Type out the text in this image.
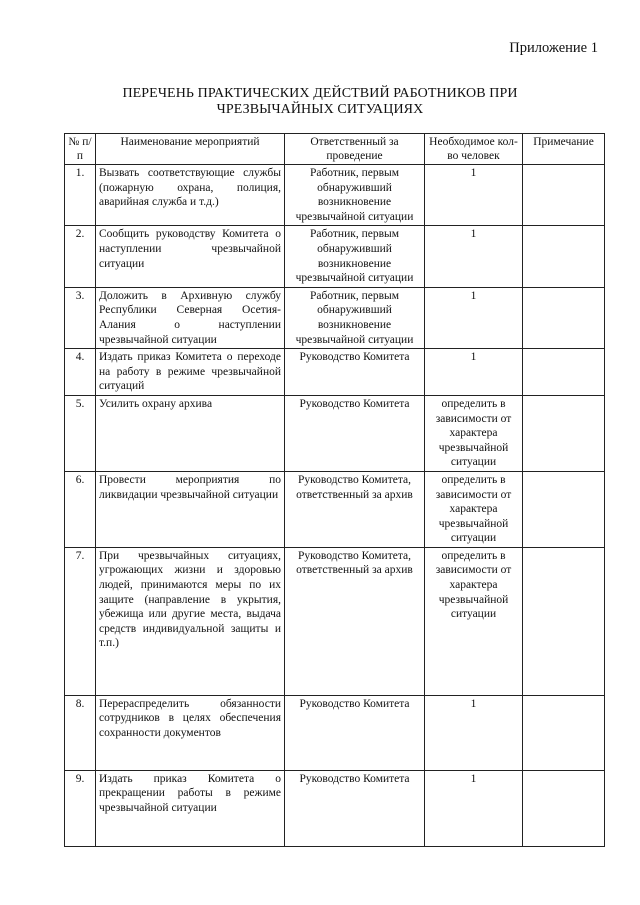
Приложение 1
ПЕРЕЧЕНЬ ПРАКТИЧЕСКИХ ДЕЙСТВИЙ РАБОТНИКОВ ПРИ
ЧРЕЗВЫЧАЙНЫХ СИТУАЦИЯХ
№ п/п	Наименование мероприятий	Ответственный за проведение	Необходимое кол-во человек	Примечание
1.	Вызвать соответствующие службы (пожарную охрана, полиция, аварийная служба и т.д.)	Работник, первым обнаруживший возникновение чрезвычайной ситуации	1	
2.	Сообщить руководству Комитета о наступлении чрезвычайной ситуации	Работник, первым обнаруживший возникновение чрезвычайной ситуации	1	
3.	Доложить в Архивную службу Республики Северная Осетия-Алания о наступлении чрезвычайной ситуации	Работник, первым обнаруживший возникновение чрезвычайной ситуации	1	
4.	Издать приказ Комитета о переходе на работу в режиме чрезвычайной ситуаций	Руководство Комитета	1	
5.	Усилить охрану архива	Руководство Комитета	определить в зависимости от характера чрезвычайной ситуации	
6.	Провести мероприятия по ликвидации чрезвычайной ситуации	Руководство Комитета, ответственный за архив	определить в зависимости от характера чрезвычайной ситуации	
7.	При чрезвычайных ситуациях, угрожающих жизни и здоровью людей, принимаются меры по их защите (направление в укрытия, убежища или другие места, выдача средств индивидуальной защиты и т.п.)	Руководство Комитета, ответственный за архив	определить в зависимости от характера чрезвычайной ситуации	
8.	Перераспределить обязанности сотрудников в целях обеспечения сохранности документов	Руководство Комитета	1	
9.	Издать приказ Комитета о прекращении работы в режиме чрезвычайной ситуации	Руководство Комитета	1	
